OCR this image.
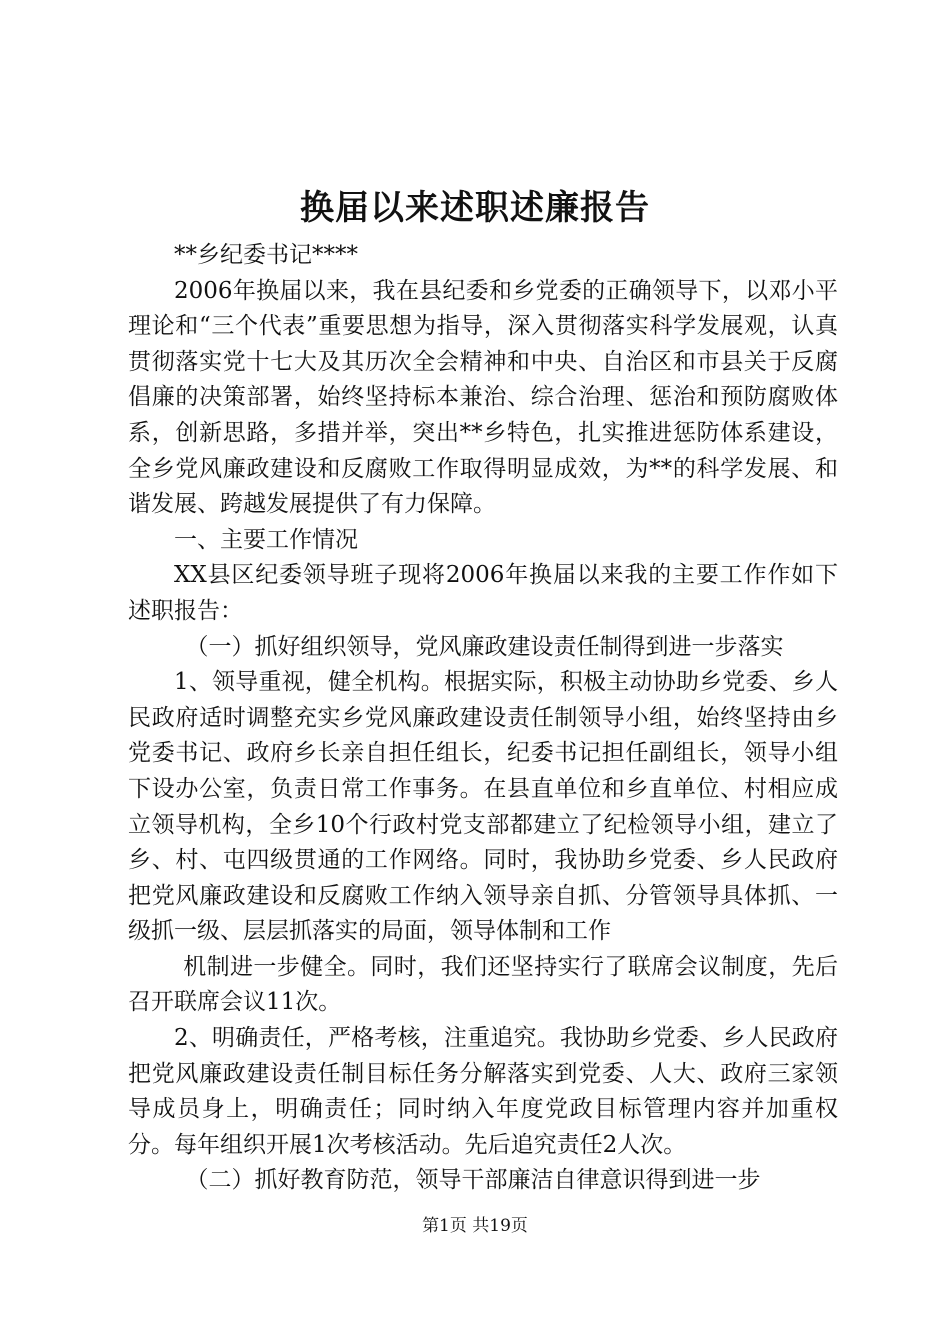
换届以来述职述廉报告

**乡纪委书记****

2006年换届以来，我在县纪委和乡党委的正确领导下，以邓小平理论和“三个代表”重要思想为指导，深入贯彻落实科学发展观，认真贯彻落实党十七大及其历次全会精神和中央、自治区和市县关于反腐倡廉的决策部署，始终坚持标本兼治、综合治理、惩治和预防腐败体系，创新思路，多措并举，突出**乡特色，扎实推进惩防体系建设，全乡党风廉政建设和反腐败工作取得明显成效，为**的科学发展、和谐发展、跨越发展提供了有力保障。

一、主要工作情况

XX县区纪委领导班子现将2006年换届以来我的主要工作作如下述职报告：

（一）抓好组织领导，党风廉政建设责任制得到进一步落实

1、领导重视，健全机构。根据实际，积极主动协助乡党委、乡人民政府适时调整充实乡党风廉政建设责任制领导小组，始终坚持由乡党委书记、政府乡长亲自担任组长，纪委书记担任副组长，领导小组下设办公室，负责日常工作事务。在县直单位和乡直单位、村相应成立领导机构，全乡10个行政村党支部都建立了纪检领导小组，建立了乡、村、屯四级贯通的工作网络。同时，我协助乡党委、乡人民政府把党风廉政建设和反腐败工作纳入领导亲自抓、分管领导具体抓、一级抓一级、层层抓落实的局面，领导体制和工作

机制进一步健全。同时，我们还坚持实行了联席会议制度，先后召开联席会议11次。

2、明确责任，严格考核，注重追究。我协助乡党委、乡人民政府把党风廉政建设责任制目标任务分解落实到党委、人大、政府三家领导成员身上，明确责任；同时纳入年度党政目标管理内容并加重权分。每年组织开展1次考核活动。先后追究责任2人次。

（二）抓好教育防范，领导干部廉洁自律意识得到进一步

第1页 共19页
